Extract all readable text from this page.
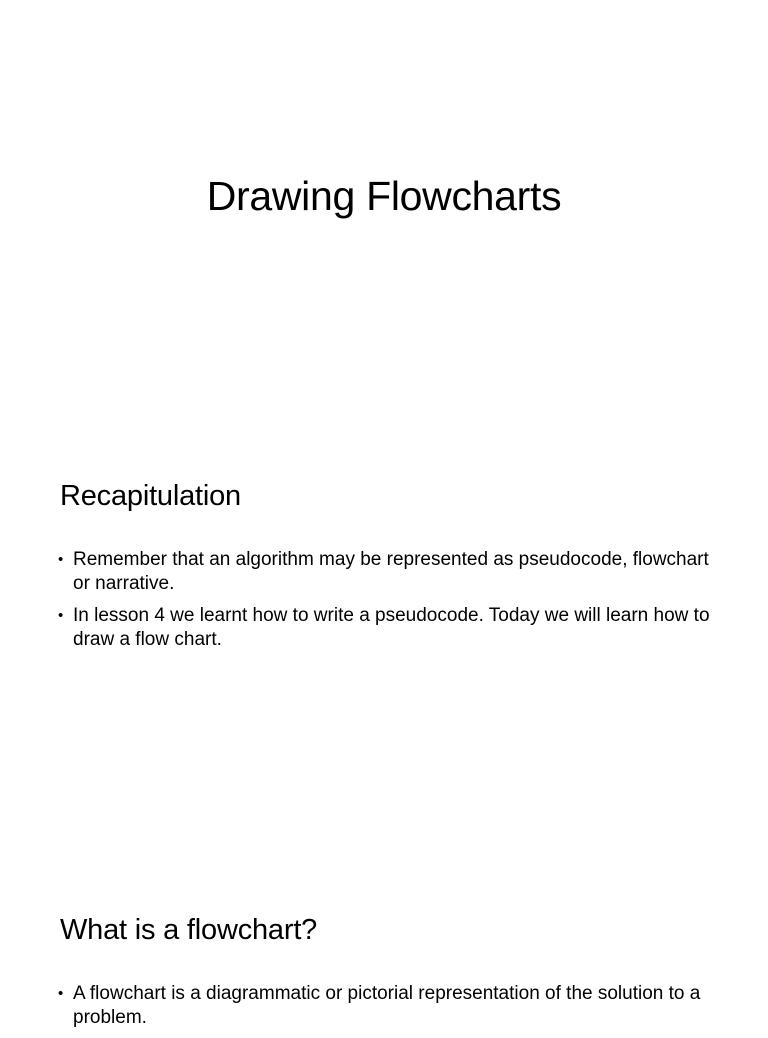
Drawing Flowcharts
Recapitulation
• Remember that an algorithm may be represented as pseudocode, flowchart or narrative.
• In lesson 4 we learnt how to write a pseudocode. Today we will learn how to draw a flow chart.
What is a flowchart?
• A flowchart is a diagrammatic or pictorial representation of the solution to a problem.
